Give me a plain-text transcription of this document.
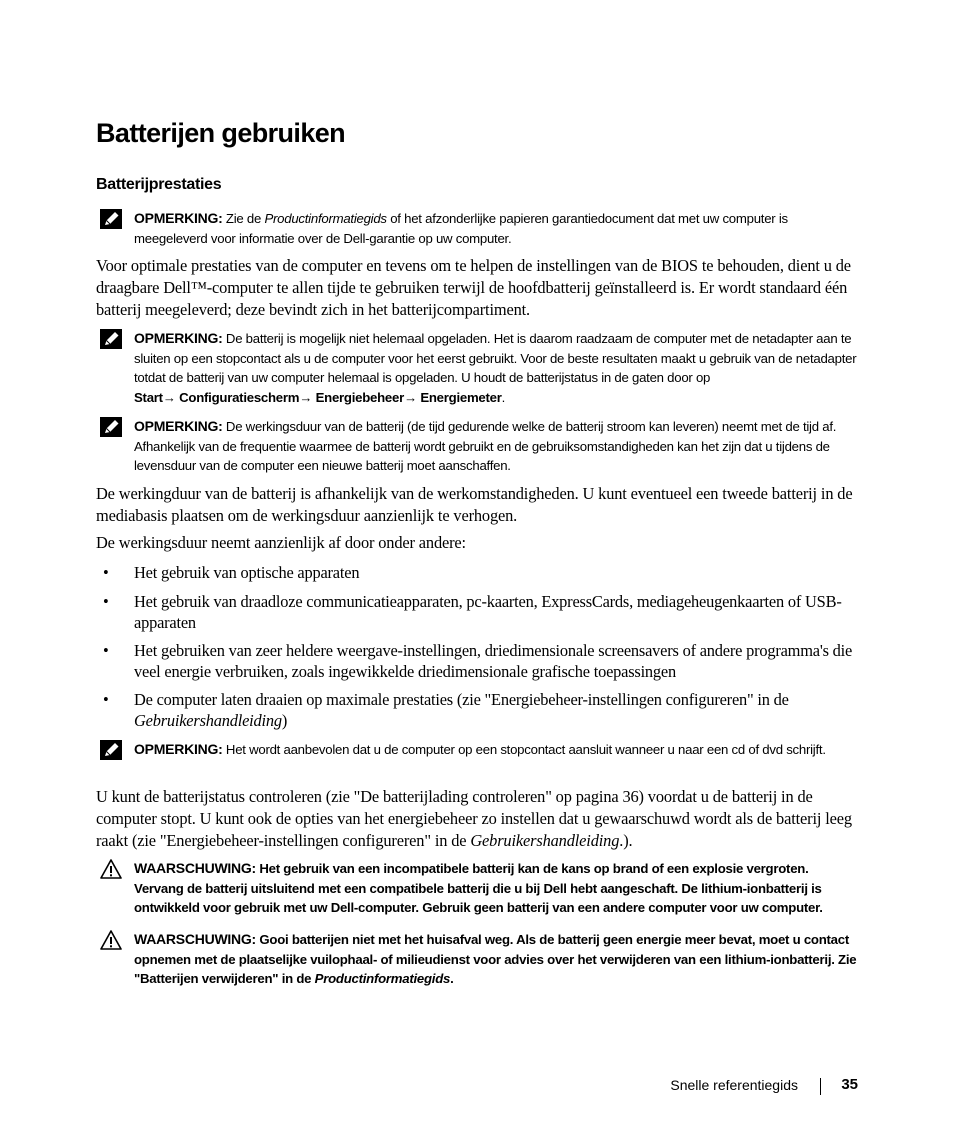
Batterijen gebruiken
Batterijprestaties
OPMERKING: Zie de Productinformatiegids of het afzonderlijke papieren garantiedocument dat met uw computer is meegeleverd voor informatie over de Dell-garantie op uw computer.

Voor optimale prestaties van de computer en tevens om te helpen de instellingen van de BIOS te behouden, dient u de draagbare Dell™-computer te allen tijde te gebruiken terwijl de hoofdbatterij geïnstalleerd is. Er wordt standaard één batterij meegeleverd; deze bevindt zich in het batterijcompartiment.

OPMERKING: De batterij is mogelijk niet helemaal opgeladen. Het is daarom raadzaam de computer met de netadapter aan te sluiten op een stopcontact als u de computer voor het eerst gebruikt. Voor de beste resultaten maakt u gebruik van de netadapter totdat de batterij van uw computer helemaal is opgeladen. U houdt de batterijstatus in de gaten door op Start→ Configuratiescherm→ Energiebeheer→ Energiemeter.
OPMERKING: De werkingsduur van de batterij (de tijd gedurende welke de batterij stroom kan leveren) neemt met de tijd af. Afhankelijk van de frequentie waarmee de batterij wordt gebruikt en de gebruiksomstandigheden kan het zijn dat u tijdens de levensduur van de computer een nieuwe batterij moet aanschaffen.

De werkingduur van de batterij is afhankelijk van de werkomstandigheden. U kunt eventueel een tweede batterij in de mediabasis plaatsen om de werkingsduur aanzienlijk te verhogen.

De werkingsduur neemt aanzienlijk af door onder andere:

• Het gebruik van optische apparaten
• Het gebruik van draadloze communicatieapparaten, pc-kaarten, ExpressCards, mediageheugenkaarten of USB-apparaten
• Het gebruiken van zeer heldere weergave-instellingen, driedimensionale screensavers of andere programma's die veel energie verbruiken, zoals ingewikkelde driedimensionale grafische toepassingen
• De computer laten draaien op maximale prestaties (zie "Energiebeheer-instellingen configureren" in de Gebruikershandleiding)
OPMERKING: Het wordt aanbevolen dat u de computer op een stopcontact aansluit wanneer u naar een cd of dvd schrijft.

U kunt de batterijstatus controleren (zie "De batterijlading controleren" op pagina 36) voordat u de batterij in de computer stopt. U kunt ook de opties van het energiebeheer zo instellen dat u gewaarschuwd wordt als de batterij leeg raakt (zie "Energiebeheer-instellingen configureren" in de Gebruikershandleiding.).

WAARSCHUWING: Het gebruik van een incompatibele batterij kan de kans op brand of een explosie vergroten. Vervang de batterij uitsluitend met een compatibele batterij die u bij Dell hebt aangeschaft. De lithium-ionbatterij is ontwikkeld voor gebruik met uw Dell-computer. Gebruik geen batterij van een andere computer voor uw computer.
WAARSCHUWING: Gooi batterijen niet met het huisafval weg. Als de batterij geen energie meer bevat, moet u contact opnemen met de plaatselijke vuilophaal- of milieudienst voor advies over het verwijderen van een lithium-ionbatterij. Zie "Batterijen verwijderen" in de Productinformatiegids.
Snelle referentiegids	35
